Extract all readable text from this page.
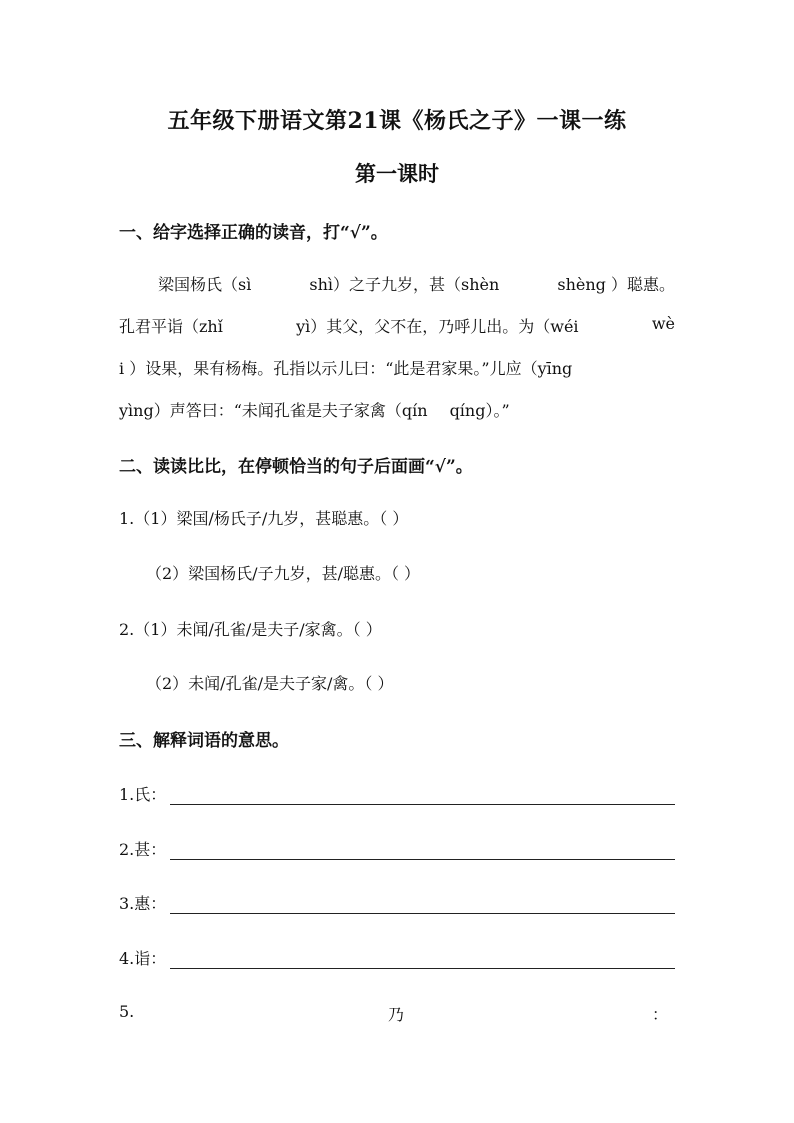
五年级下册语文第21课《杨氏之子》一课一练
第一课时
一、给字选择正确的读音，打“√”。
梁国杨氏（sì	shì）之子九岁，甚（shèn	shèng ）聪惠。
孔君平诣（zhǐ	yì）其父，父不在，乃呼儿出。为（wéi	wè
i ）设果，果有杨梅。孔指以示儿曰：“此是君家果。”儿应（yīng
yìng）声答曰：“未闻孔雀是夫子家禽（qín qíng）。”
二、读读比比，在停顿恰当的句子后面画“√”。
1.（1）梁国/杨氏子/九岁，甚聪惠。（ ）
（2）梁国杨氏/子九岁，甚/聪惠。（ ）
2.（1）未闻/孔雀/是夫子/家禽。（ ）
（2）未闻/孔雀/是夫子家/禽。（ ）
三、解释词语的意思。
1.氏：
2.甚：
3.惠：
4.诣：
5.	乃	：
